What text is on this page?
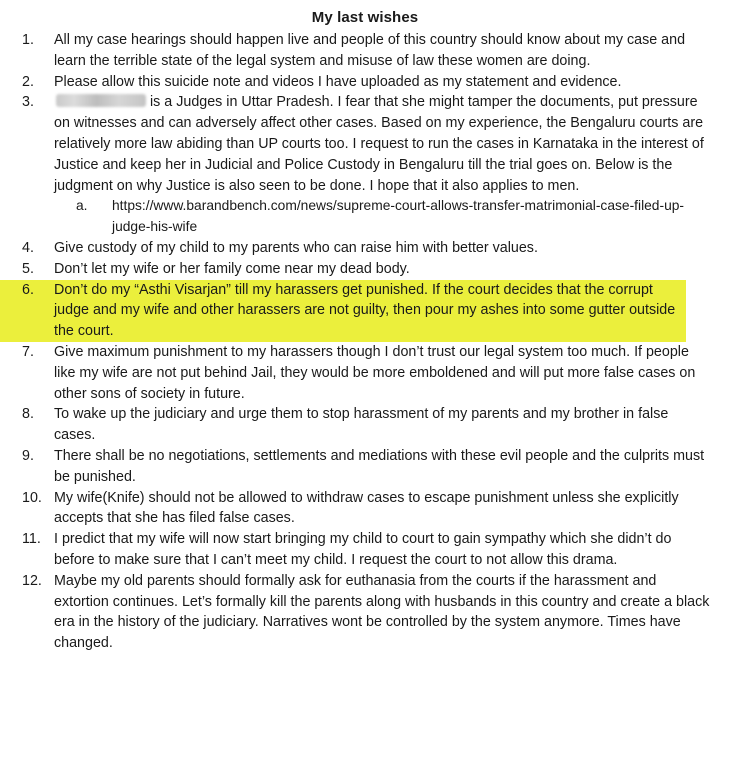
My last wishes
1.	All my case hearings should happen live and people of this country should know about my case and learn the terrible state of the legal system and misuse of law these women are doing.
2.	Please allow this suicide note and videos I have uploaded as my statement and evidence.
3.	is a Judges in Uttar Pradesh. I fear that she might tamper the documents, put pressure on witnesses and can adversely affect other cases. Based on my experience, the Bengaluru courts are relatively more law abiding than UP courts too. I request to run the cases in Karnataka in the interest of Justice and keep her in Judicial and Police Custody in Bengaluru till the trial goes on. Below is the judgment on why Justice is also seen to be done. I hope that it also applies to men.
a.	https://www.barandbench.com/news/supreme-court-allows-transfer-matrimonial-case-filed-up-judge-his-wife
4.	Give custody of my child to my parents who can raise him with better values.
5.	Don’t let my wife or her family come near my dead body.
6.	Don’t do my “Asthi Visarjan” till my harassers get punished. If the court decides that the corrupt judge and my wife and other harassers are not guilty, then pour my ashes into some gutter outside the court.
7.	Give maximum punishment to my harassers though I don’t trust our legal system too much. If people like my wife are not put behind Jail, they would be more emboldened and will put more false cases on other sons of society in future.
8.	To wake up the judiciary and urge them to stop harassment of my parents and my brother in false cases.
9.	There shall be no negotiations, settlements and mediations with these evil people and the culprits must be punished.
10. My wife(Knife) should not be allowed to withdraw cases to escape punishment unless she explicitly accepts that she has filed false cases.
11. I predict that my wife will now start bringing my child to court to gain sympathy which she didn’t do before to make sure that I can’t meet my child. I request the court to not allow this drama.
12. Maybe my old parents should formally ask for euthanasia from the courts if the harassment and extortion continues. Let’s formally kill the parents along with husbands in this country and create a black era in the history of the judiciary. Narratives wont be controlled by the system anymore. Times have changed.
